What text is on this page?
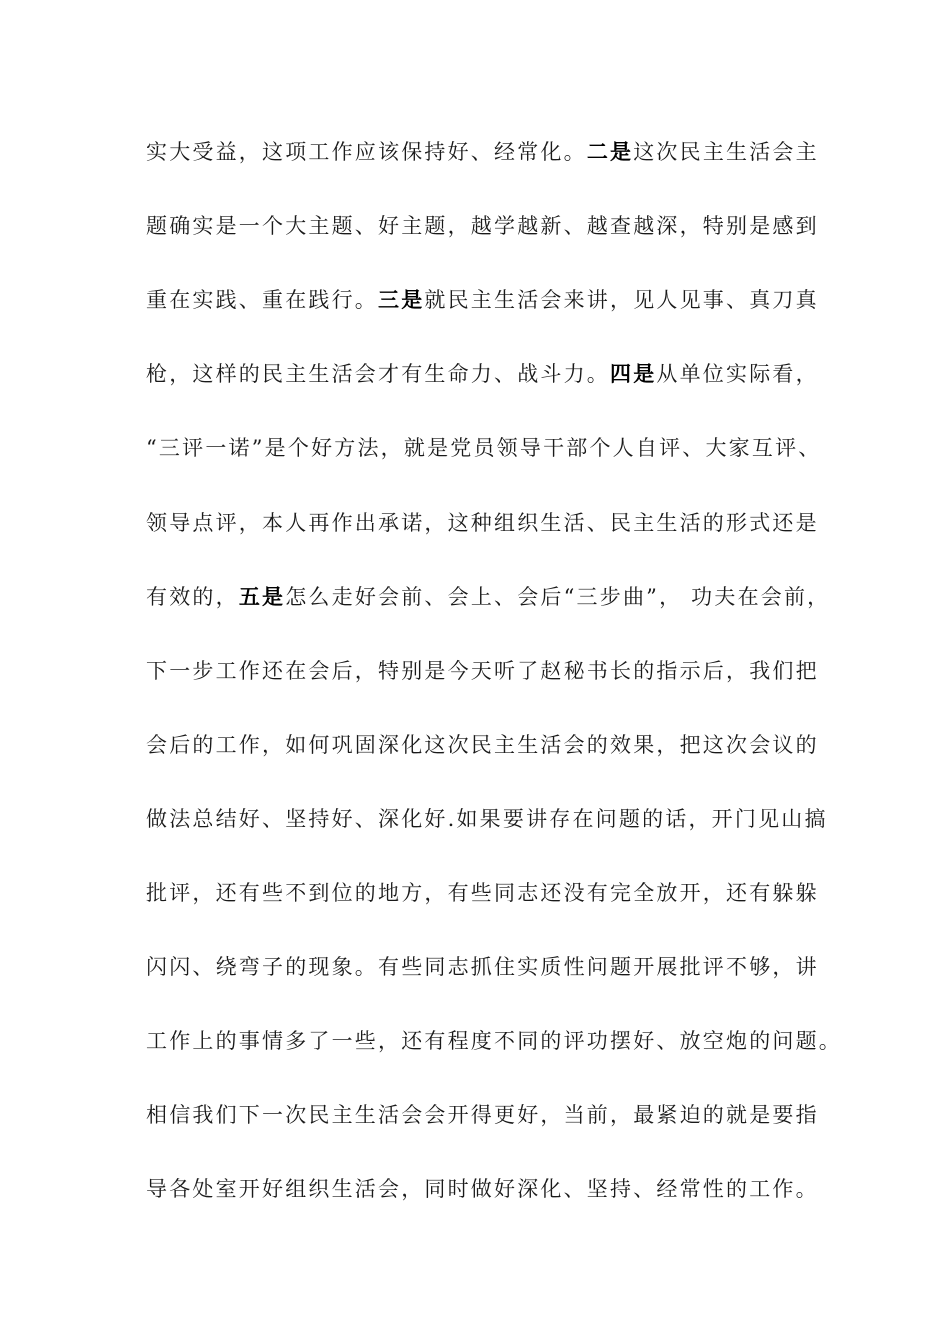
实大受益，这项工作应该保持好、经常化。二是这次民主生活会主
题确实是一个大主题、好主题，越学越新、越查越深，特别是感到
重在实践、重在践行。三是就民主生活会来讲，见人见事、真刀真
枪，这样的民主生活会才有生命力、战斗力。四是从单位实际看，
“三评一诺”是个好方法，就是党员领导干部个人自评、大家互评、
领导点评，本人再作出承诺，这种组织生活、民主生活的形式还是
有效的，五是怎么走好会前、会上、会后“三步曲”， 功夫在会前，
下一步工作还在会后，特别是今天听了赵秘书长的指示后，我们把
会后的工作，如何巩固深化这次民主生活会的效果，把这次会议的
做法总结好、坚持好、深化好.如果要讲存在问题的话，开门见山搞
批评，还有些不到位的地方，有些同志还没有完全放开，还有躲躲
闪闪、绕弯子的现象。有些同志抓住实质性问题开展批评不够，讲
工作上的事情多了一些，还有程度不同的评功摆好、放空炮的问题。
相信我们下一次民主生活会会开得更好，当前，最紧迫的就是要指
导各处室开好组织生活会，同时做好深化、坚持、经常性的工作。
